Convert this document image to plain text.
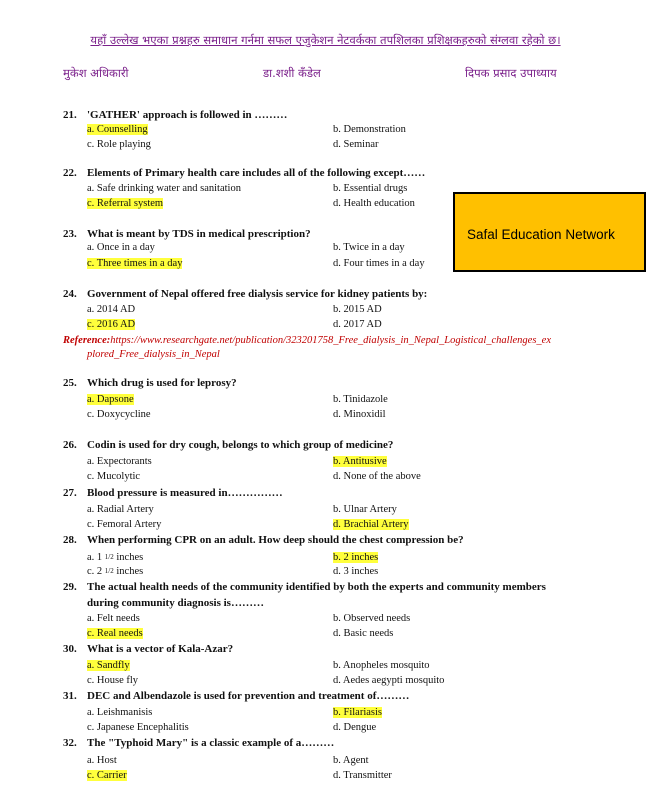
यहाँ उल्लेख भएका प्रश्नहरु समाधान गर्नमा सफल एजुकेशन नेटवर्कका तपशिलका प्रशिक्षकहरुको संग्लवा रहेको छ।
मुकेश अधिकारी	डा.शशी कँडेल	दिपक प्रसाद उपाध्याय
Safal Education Network
21. 'GATHER' approach is followed in ………
a. Counselling	b. Demonstration
c. Role playing	d. Seminar
22. Elements of Primary health care includes all of the following except……
a. Safe drinking water and sanitation	b. Essential drugs
c. Referral system	d. Health education
23. What is meant by TDS in medical prescription?
a. Once in a day	b. Twice in a day
c. Three times in a day	d. Four times in a day
24. Government of Nepal offered free dialysis service for kidney patients by:
a. 2014 AD	b. 2015 AD
c. 2016 AD	d. 2017 AD
Reference:https://www.researchgate.net/publication/323201758_Free_dialysis_in_Nepal_Logistical_challenges_ex
plored_Free_dialysis_in_Nepal
25. Which drug is used for leprosy?
a. Dapsone	b. Tinidazole
c. Doxycycline	d. Minoxidil
26. Codin is used for dry cough, belongs to which group of medicine?
a. Expectorants	b. Antitusive
c. Mucolytic	d. None of the above
27. Blood pressure is measured in……………
a. Radial Artery	b. Ulnar Artery
c. Femoral Artery	d. Brachial Artery
28. When performing CPR on an adult. How deep should the chest compression be?
a. 1 $_{1/2}$ inches	b. 2 inches
c. 2 $_{1/2}$ inches	d. 3 inches
29. The actual health needs of the community identified by both the experts and community members
during community diagnosis is………
a. Felt needs	b. Observed needs
c. Real needs	d. Basic needs
30. What is a vector of Kala-Azar?
a. Sandfly	b. Anopheles mosquito
c. House fly	d. Aedes aegypti mosquito
31. DEC and Albendazole is used for prevention and treatment of………
a. Leishmanisis	b. Filariasis
c. Japanese Encephalitis	d. Dengue
32. The "Typhoid Mary" is a classic example of a………
a. Host	b. Agent
c. Carrier	d. Transmitter
